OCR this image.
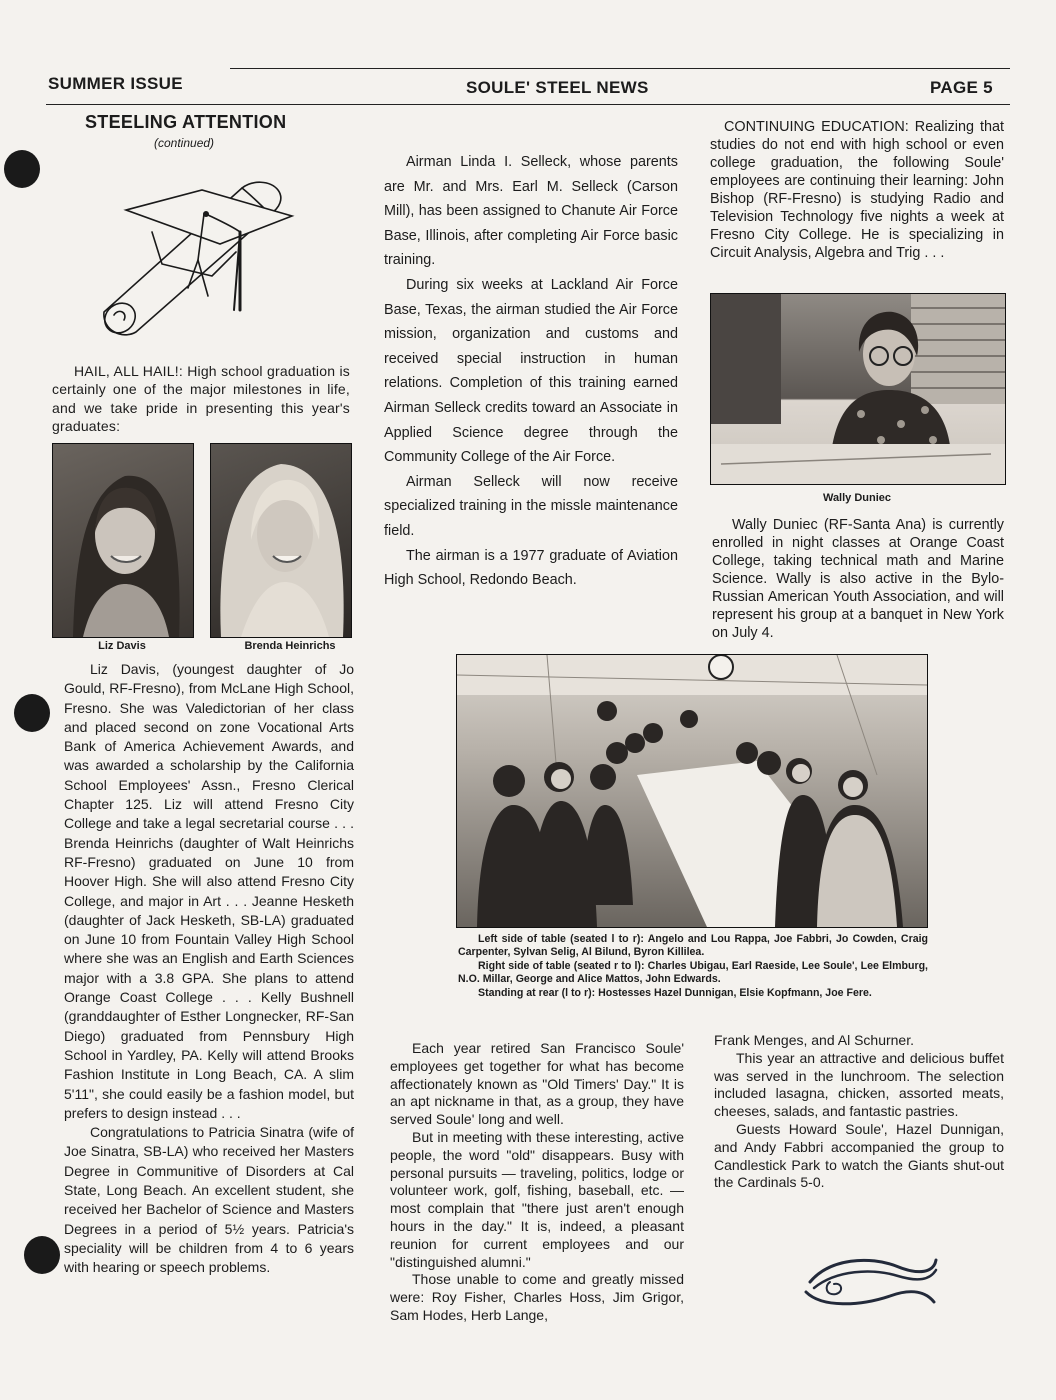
SUMMER ISSUE	SOULE' STEEL NEWS	PAGE 5
STEELING ATTENTION
(continued)
HAIL, ALL HAIL!: High school graduation is certainly one of the major milestones in life, and we take pride in presenting this year's graduates:
Liz Davis	Brenda Heinrichs

Liz Davis, (youngest daughter of Jo Gould, RF-Fresno), from McLane High School, Fresno. She was Valedictorian of her class and placed second on zone Vocational Arts Bank of America Achievement Awards, and was awarded a scholarship by the California School Employees' Assn., Fresno Clerical Chapter 125. Liz will attend Fresno City College and take a legal secretarial course . . . Brenda Heinrichs (daughter of Walt Heinrichs RF-Fresno) graduated on June 10 from Hoover High. She will also attend Fresno City College, and major in Art . . . Jeanne Hesketh (daughter of Jack Hesketh, SB-LA) graduated on June 10 from Fountain Valley High School where she was an English and Earth Sciences major with a 3.8 GPA. She plans to attend Orange Coast College . . . Kelly Bushnell (granddaughter of Esther Longnecker, RF-San Diego) graduated from Pennsbury High School in Yardley, PA. Kelly will attend Brooks Fashion Institute in Long Beach, CA. A slim 5'11", she could easily be a fashion model, but prefers to design instead . . .

Congratulations to Patricia Sinatra (wife of Joe Sinatra, SB-LA) who received her Masters Degree in Communitive of Disorders at Cal State, Long Beach. An excellent student, she received her Bachelor of Science and Masters Degrees in a period of 5½ years. Patricia's speciality will be children from 4 to 6 years with hearing or speech problems.

Airman Linda I. Selleck, whose parents are Mr. and Mrs. Earl M. Selleck (Carson Mill), has been assigned to Chanute Air Force Base, Illinois, after completing Air Force basic training.

During six weeks at Lackland Air Force Base, Texas, the airman studied the Air Force mission, organization and customs and received special instruction in human relations. Completion of this training earned Airman Selleck credits toward an Associate in Applied Science degree through the Community College of the Air Force.

Airman Selleck will now receive specialized training in the missle maintenance field.

The airman is a 1977 graduate of Aviation High School, Redondo Beach.

CONTINUING EDUCATION: Realizing that studies do not end with high school or even college graduation, the following Soule' employees are continuing their learning: John Bishop (RF-Fresno) is studying Radio and Television Technology five nights a week at Fresno City College. He is specializing in Circuit Analysis, Algebra and Trig . . .
Wally Duniec
Wally Duniec (RF-Santa Ana) is currently enrolled in night classes at Orange Coast College, taking technical math and Marine Science. Wally is also active in the Bylo-Russian American Youth Association, and will represent his group at a banquet in New York on July 4.
Left side of table (seated l to r): Angelo and Lou Rappa, Joe Fabbri, Jo Cowden, Craig Carpenter, Sylvan Selig, Al Bilund, Byron Killilea.
Right side of table (seated r to l): Charles Ubigau, Earl Raeside, Lee Soule', Lee Elmburg, N.O. Millar, George and Alice Mattos, John Edwards.
Standing at rear (l to r): Hostesses Hazel Dunnigan, Elsie Kopfmann, Joe Fere.

Each year retired San Francisco Soule' employees get together for what has become affectionately known as "Old Timers' Day." It is an apt nickname in that, as a group, they have served Soule' long and well.

But in meeting with these interesting, active people, the word "old" disappears. Busy with personal pursuits — traveling, politics, lodge or volunteer work, golf, fishing, baseball, etc. — most complain that "there just aren't enough hours in the day." It is, indeed, a pleasant reunion for current employees and our "distinguished alumni."

Those unable to come and greatly missed were: Roy Fisher, Charles Hoss, Jim Grigor, Sam Hodes, Herb Lange,

Frank Menges, and Al Schurner.

This year an attractive and delicious buffet was served in the lunchroom. The selection included lasagna, chicken, assorted meats, cheeses, salads, and fantastic pastries.

Guests Howard Soule', Hazel Dunnigan, and Andy Fabbri accompanied the group to Candlestick Park to watch the Giants shut-out the Cardinals 5-0.
